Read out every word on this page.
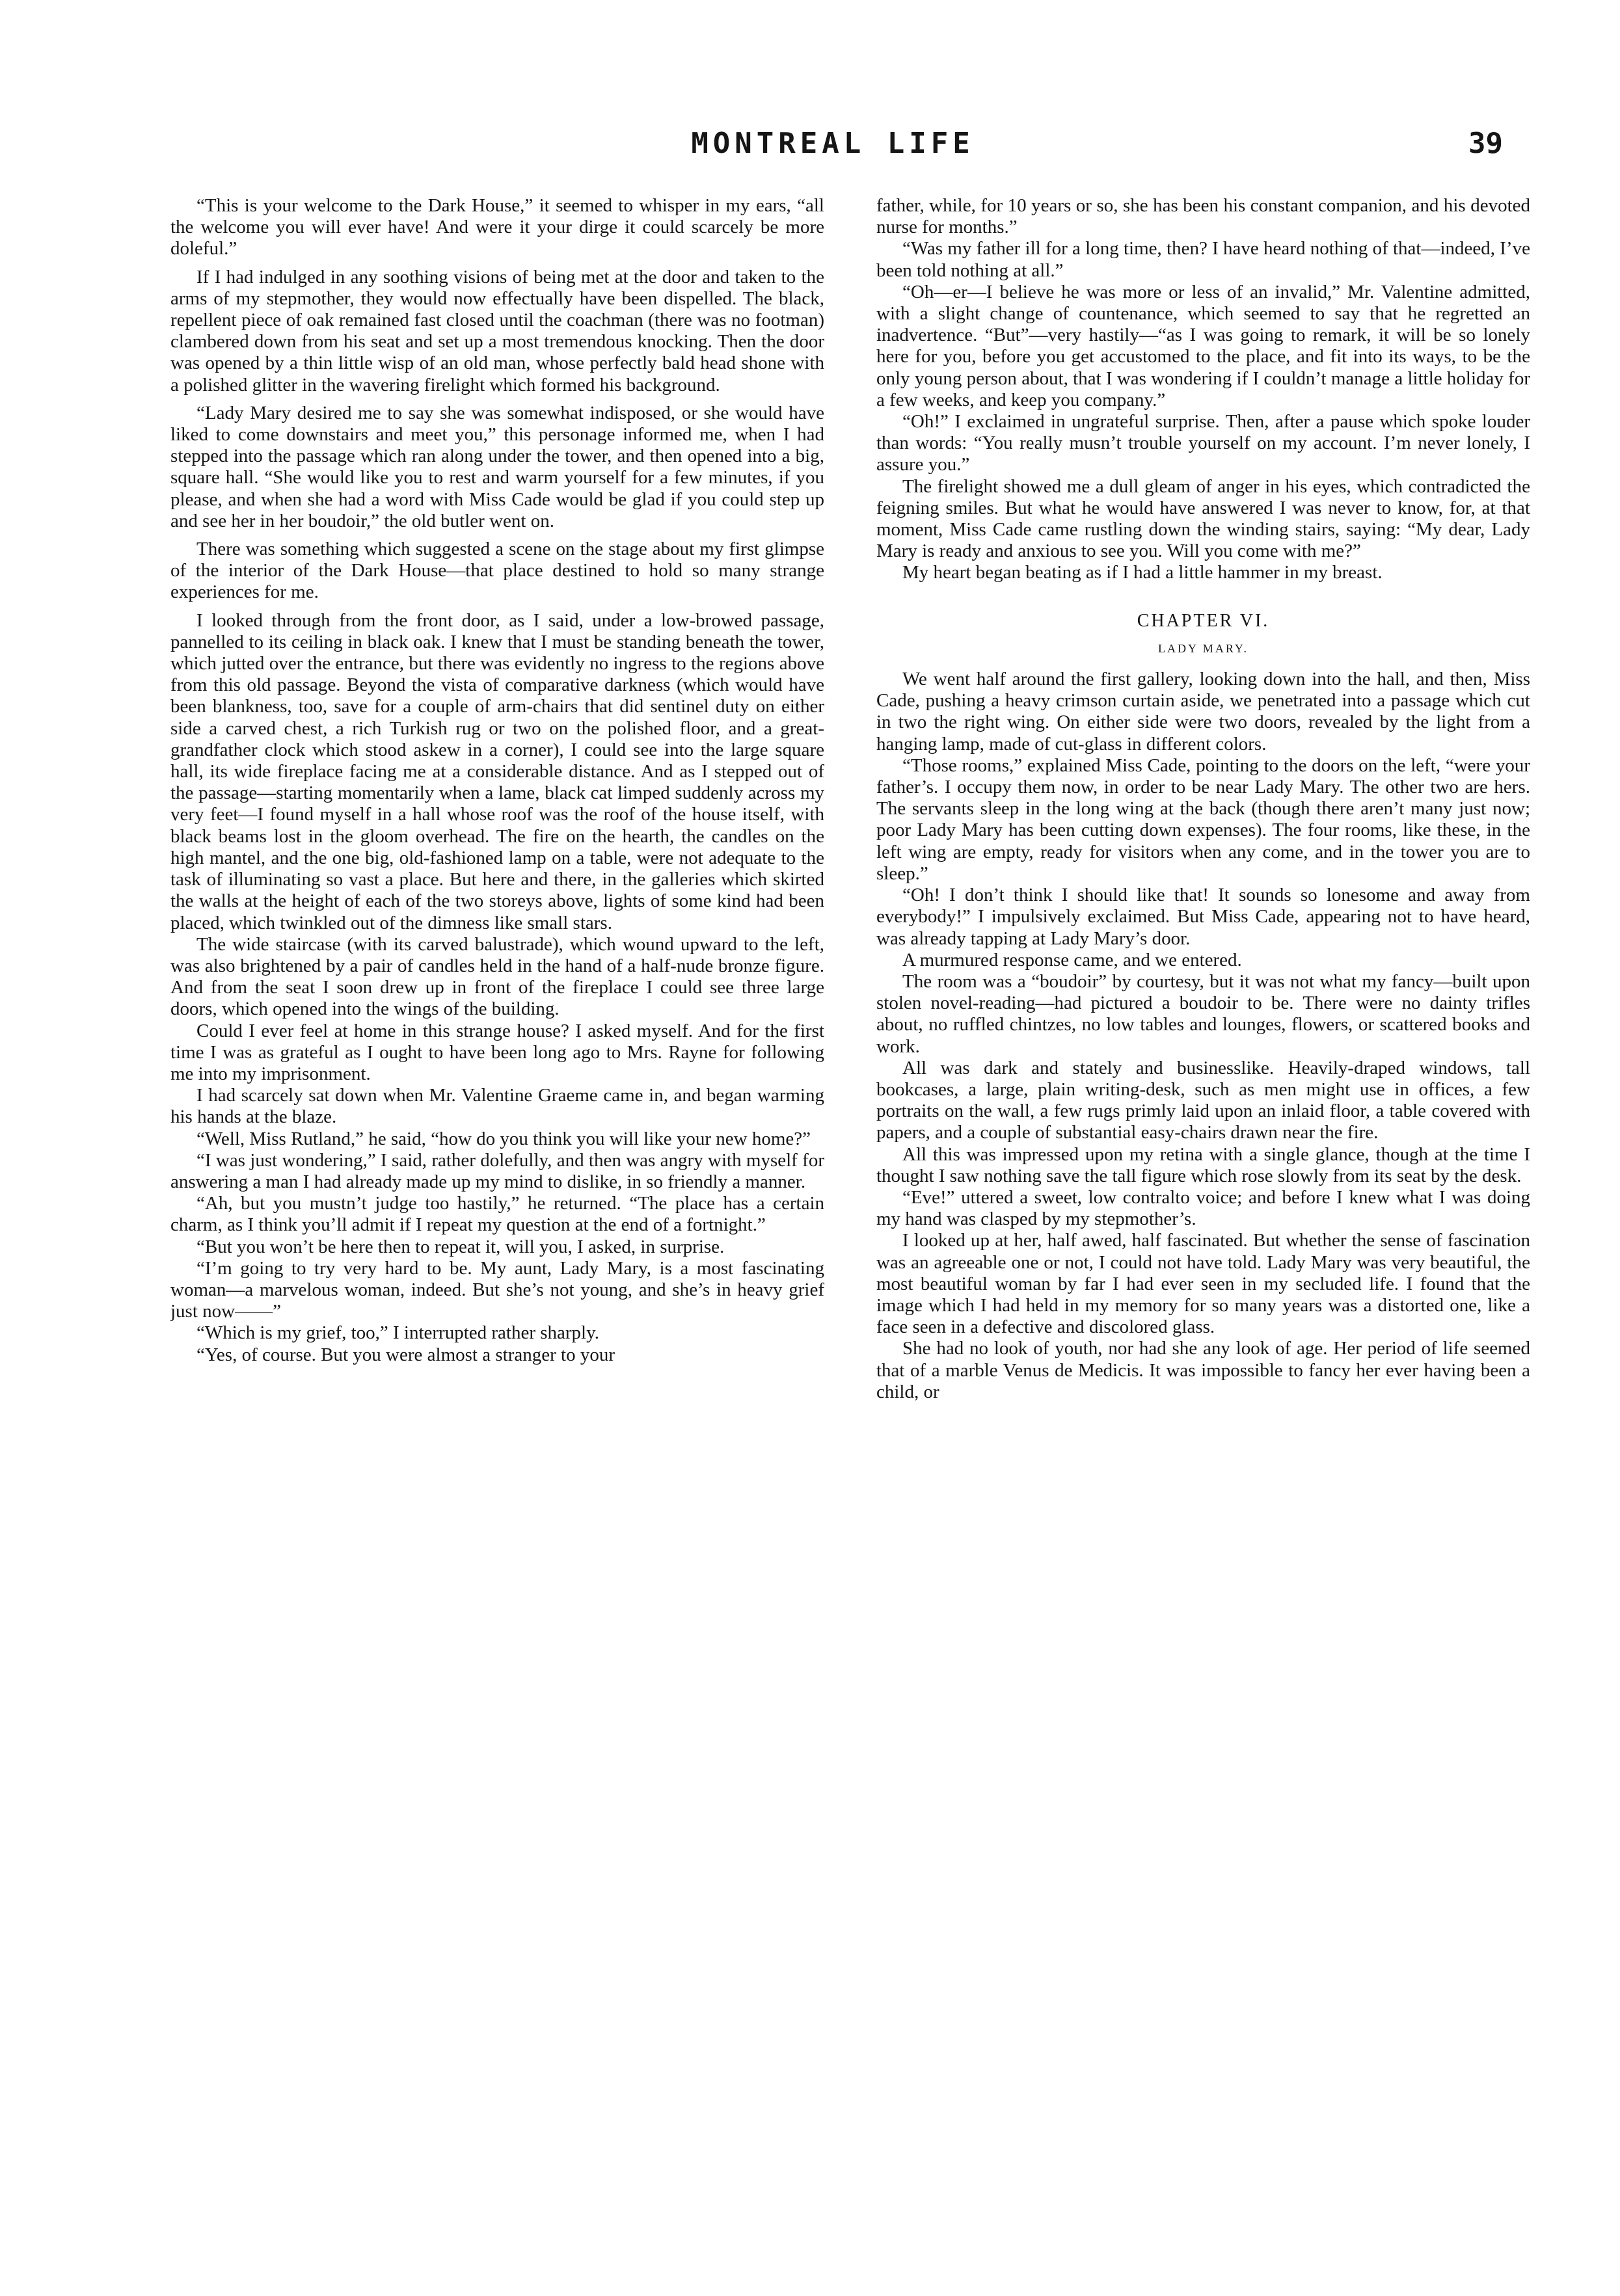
MONTREAL LIFE	39

“This is your welcome to the Dark House,” it seemed to whisper in my ears, “all the welcome you will ever have! And were it your dirge it could scarcely be more doleful.”

If I had indulged in any soothing visions of being met at the door and taken to the arms of my stepmother, they would now effectually have been dispelled. The black, repellent piece of oak remained fast closed until the coachman (there was no footman) clambered down from his seat and set up a most tremendous knocking. Then the door was opened by a thin little wisp of an old man, whose perfectly bald head shone with a polished glitter in the wavering firelight which formed his background.

“Lady Mary desired me to say she was somewhat indisposed, or she would have liked to come downstairs and meet you,” this personage informed me, when I had stepped into the passage which ran along under the tower, and then opened into a big, square hall. “She would like you to rest and warm yourself for a few minutes, if you please, and when she had a word with Miss Cade would be glad if you could step up and see her in her boudoir,” the old butler went on.

There was something which suggested a scene on the stage about my first glimpse of the interior of the Dark House—that place destined to hold so many strange experiences for me.

I looked through from the front door, as I said, under a low-browed passage, pannelled to its ceiling in black oak. I knew that I must be standing beneath the tower, which jutted over the entrance, but there was evidently no ingress to the regions above from this old passage. Beyond the vista of comparative darkness (which would have been blankness, too, save for a couple of arm-chairs that did sentinel duty on either side a carved chest, a rich Turkish rug or two on the polished floor, and a great-grandfather clock which stood askew in a corner), I could see into the large square hall, its wide fireplace facing me at a considerable distance. And as I stepped out of the passage—starting momentarily when a lame, black cat limped suddenly across my very feet—I found myself in a hall whose roof was the roof of the house itself, with black beams lost in the gloom overhead. The fire on the hearth, the candles on the high mantel, and the one big, old-fashioned lamp on a table, were not adequate to the task of illuminating so vast a place. But here and there, in the galleries which skirted the walls at the height of each of the two storeys above, lights of some kind had been placed, which twinkled out of the dimness like small stars.

The wide staircase (with its carved balustrade), which wound upward to the left, was also brightened by a pair of candles held in the hand of a half-nude bronze figure. And from the seat I soon drew up in front of the fireplace I could see three large doors, which opened into the wings of the building.

Could I ever feel at home in this strange house? I asked myself. And for the first time I was as grateful as I ought to have been long ago to Mrs. Rayne for following me into my imprisonment.

I had scarcely sat down when Mr. Valentine Graeme came in, and began warming his hands at the blaze.

“Well, Miss Rutland,” he said, “how do you think you will like your new home?”

“I was just wondering,” I said, rather dolefully, and then was angry with myself for answering a man I had already made up my mind to dislike, in so friendly a manner.

“Ah, but you mustn’t judge too hastily,” he returned. “The place has a certain charm, as I think you’ll admit if I repeat my question at the end of a fortnight.”

“But you won’t be here then to repeat it, will you, I asked, in surprise.

“I’m going to try very hard to be. My aunt, Lady Mary, is a most fascinating woman—a marvelous woman, indeed. But she’s not young, and she’s in heavy grief just now——”

“Which is my grief, too,” I interrupted rather sharply.

“Yes, of course. But you were almost a stranger to your

father, while, for 10 years or so, she has been his constant companion, and his devoted nurse for months.”

“Was my father ill for a long time, then? I have heard nothing of that—indeed, I’ve been told nothing at all.”

“Oh—er—I believe he was more or less of an invalid,” Mr. Valentine admitted, with a slight change of countenance, which seemed to say that he regretted an inadvertence. “But”—very hastily—“as I was going to remark, it will be so lonely here for you, before you get accustomed to the place, and fit into its ways, to be the only young person about, that I was wondering if I couldn’t manage a little holiday for a few weeks, and keep you company.”

“Oh!” I exclaimed in ungrateful surprise. Then, after a pause which spoke louder than words: “You really musn’t trouble yourself on my account. I’m never lonely, I assure you.”

The firelight showed me a dull gleam of anger in his eyes, which contradicted the feigning smiles. But what he would have answered I was never to know, for, at that moment, Miss Cade came rustling down the winding stairs, saying: “My dear, Lady Mary is ready and anxious to see you. Will you come with me?”

My heart began beating as if I had a little hammer in my breast.

CHAPTER VI.
LADY MARY.

We went half around the first gallery, looking down into the hall, and then, Miss Cade, pushing a heavy crimson curtain aside, we penetrated into a passage which cut in two the right wing. On either side were two doors, revealed by the light from a hanging lamp, made of cut-glass in different colors.

“Those rooms,” explained Miss Cade, pointing to the doors on the left, “were your father’s. I occupy them now, in order to be near Lady Mary. The other two are hers. The servants sleep in the long wing at the back (though there aren’t many just now; poor Lady Mary has been cutting down expenses). The four rooms, like these, in the left wing are empty, ready for visitors when any come, and in the tower you are to sleep.”

“Oh! I don’t think I should like that! It sounds so lonesome and away from everybody!” I impulsively exclaimed. But Miss Cade, appearing not to have heard, was already tapping at Lady Mary’s door.

A murmured response came, and we entered.

The room was a “boudoir” by courtesy, but it was not what my fancy—built upon stolen novel-reading—had pictured a boudoir to be. There were no dainty trifles about, no ruffled chintzes, no low tables and lounges, flowers, or scattered books and work.

All was dark and stately and businesslike. Heavily-draped windows, tall bookcases, a large, plain writing-desk, such as men might use in offices, a few portraits on the wall, a few rugs primly laid upon an inlaid floor, a table covered with papers, and a couple of substantial easy-chairs drawn near the fire.

All this was impressed upon my retina with a single glance, though at the time I thought I saw nothing save the tall figure which rose slowly from its seat by the desk.

“Eve!” uttered a sweet, low contralto voice; and before I knew what I was doing my hand was clasped by my stepmother’s.

I looked up at her, half awed, half fascinated. But whether the sense of fascination was an agreeable one or not, I could not have told. Lady Mary was very beautiful, the most beautiful woman by far I had ever seen in my secluded life. I found that the image which I had held in my memory for so many years was a distorted one, like a face seen in a defective and discolored glass.

She had no look of youth, nor had she any look of age. Her period of life seemed that of a marble Venus de Medicis. It was impossible to fancy her ever having been a child, or
